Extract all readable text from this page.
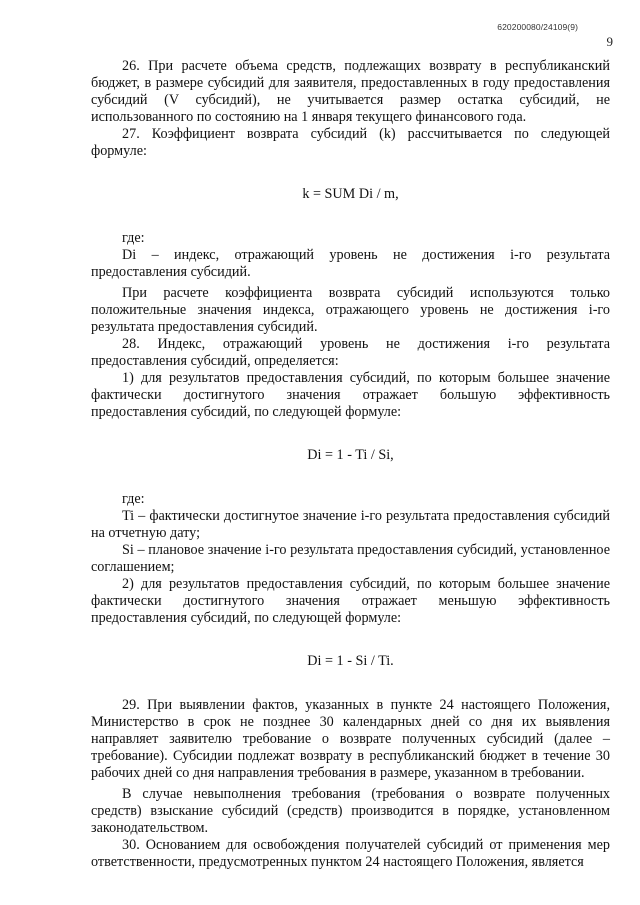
620200080/24109(9)
9

26. При расчете объема средств, подлежащих возврату в республиканский бюджет, в размере субсидий для заявителя, предоставленных в году предоставления субсидий (V субсидий), не учитывается размер остатка субсидий, не использованного по состоянию на 1 января текущего финансового года.

27. Коэффициент возврата субсидий (k) рассчитывается по следующей формуле:

k = SUM Di / m,

где:

Di – индекс, отражающий уровень не достижения i-го результата предоставления субсидий.

При расчете коэффициента возврата субсидий используются только положительные значения индекса, отражающего уровень не достижения i-го результата предоставления субсидий.

28. Индекс, отражающий уровень не достижения i-го результата предоставления субсидий, определяется:

1) для результатов предоставления субсидий, по которым большее значение фактически достигнутого значения отражает большую эффективность предоставления субсидий, по следующей формуле:

Di = 1 - Ti / Si,

где:

Ti – фактически достигнутое значение i-го результата предоставления субсидий на отчетную дату;

Si – плановое значение i-го результата предоставления субсидий, установленное соглашением;

2) для результатов предоставления субсидий, по которым большее значение фактически достигнутого значения отражает меньшую эффективность предоставления субсидий, по следующей формуле:

Di = 1 - Si / Ti.

29. При выявлении фактов, указанных в пункте 24 настоящего Положения, Министерство в срок не позднее 30 календарных дней со дня их выявления направляет заявителю требование о возврате полученных субсидий (далее – требование). Субсидии подлежат возврату в республиканский бюджет в течение 30 рабочих дней со дня направления требования в размере, указанном в требовании.

В случае невыполнения требования (требования о возврате полученных средств) взыскание субсидий (средств) производится в порядке, установленном законодательством.

30. Основанием для освобождения получателей субсидий от применения мер ответственности, предусмотренных пунктом 24 настоящего Положения, является
